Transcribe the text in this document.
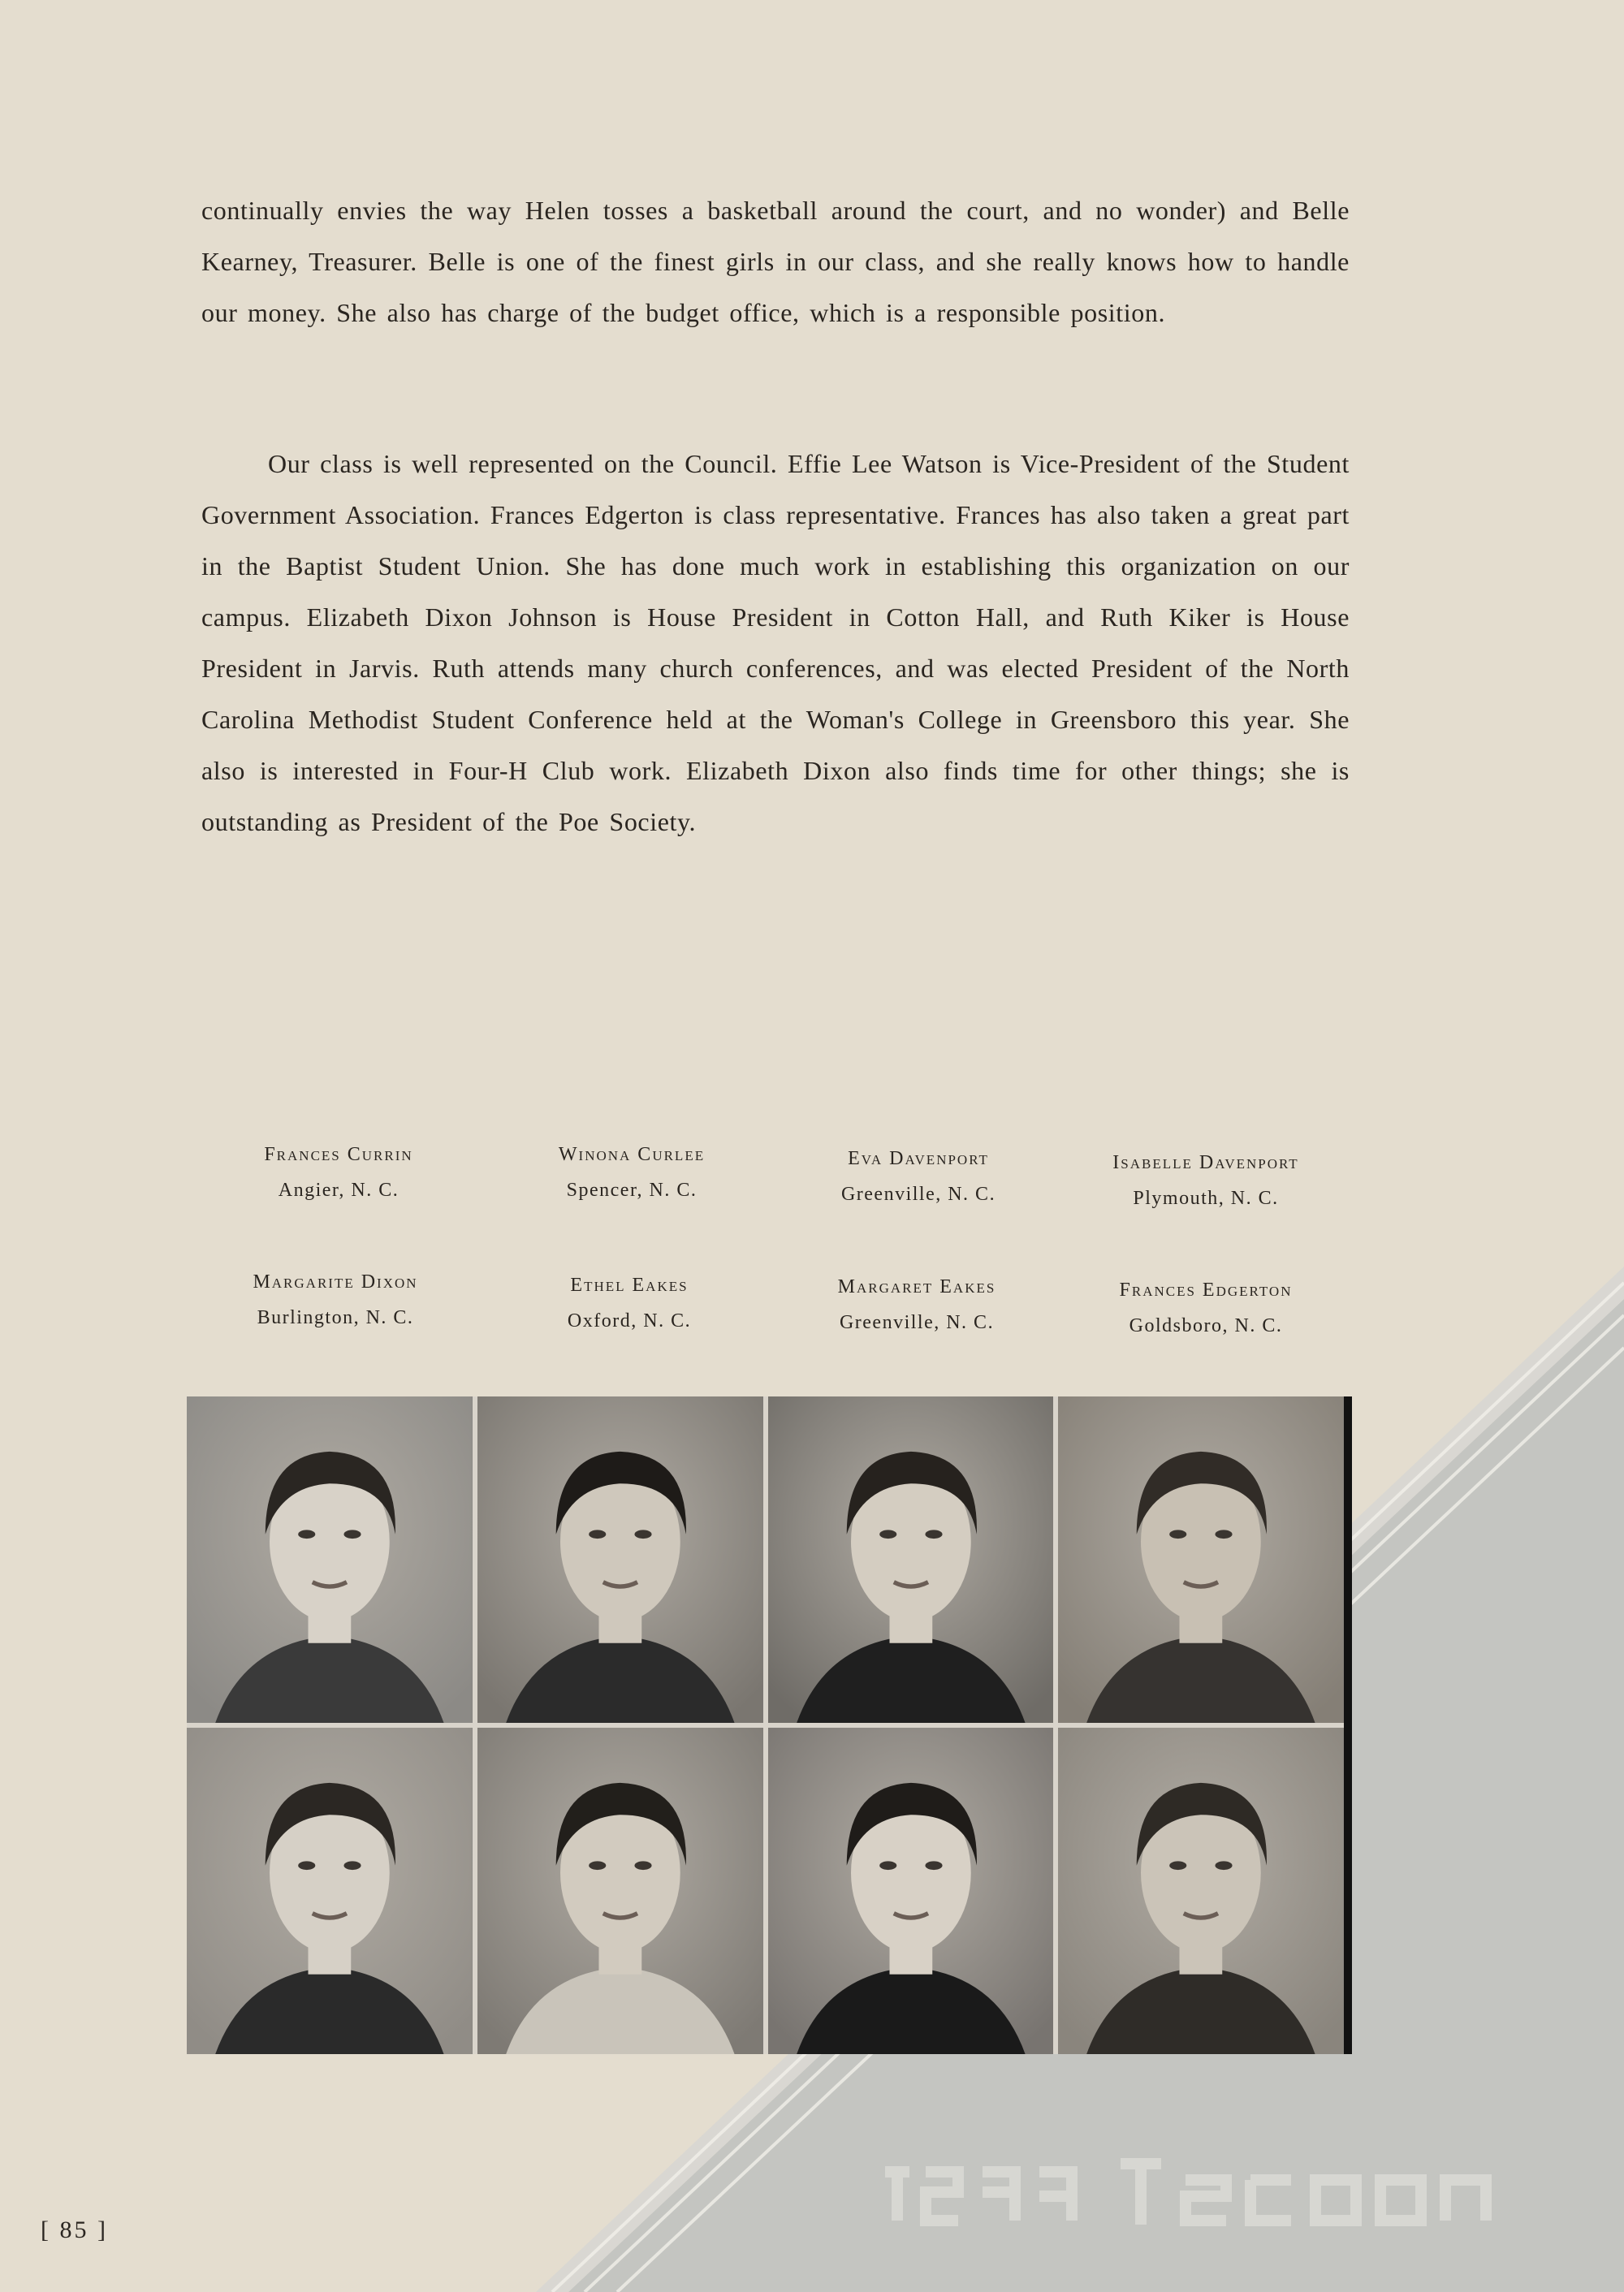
continually envies the way Helen tosses a basketball around the court, and no wonder) and Belle Kearney, Treasurer. Belle is one of the finest girls in our class, and she really knows how to handle our money. She also has charge of the budget office, which is a responsible position.

Our class is well represented on the Council. Effie Lee Watson is Vice-President of the Student Government Association. Frances Edgerton is class representative. Frances has also taken a great part in the Baptist Student Union. She has done much work in establishing this organization on our campus. Elizabeth Dixon Johnson is House President in Cotton Hall, and Ruth Kiker is House President in Jarvis. Ruth attends many church conferences, and was elected President of the North Carolina Methodist Student Conference held at the Woman's College in Greensboro this year. She also is interested in Four-H Club work. Elizabeth Dixon also finds time for other things; she is outstanding as President of the Poe Society.

Frances Currin
Angier, N. C.
Winona Curlee
Spencer, N. C.
Eva Davenport
Greenville, N. C.
Isabelle Davenport
Plymouth, N. C.
Margarite Dixon
Burlington, N. C.
Ethel Eakes
Oxford, N. C.
Margaret Eakes
Greenville, N. C.
Frances Edgerton
Goldsboro, N. C.
[ 85 ]
